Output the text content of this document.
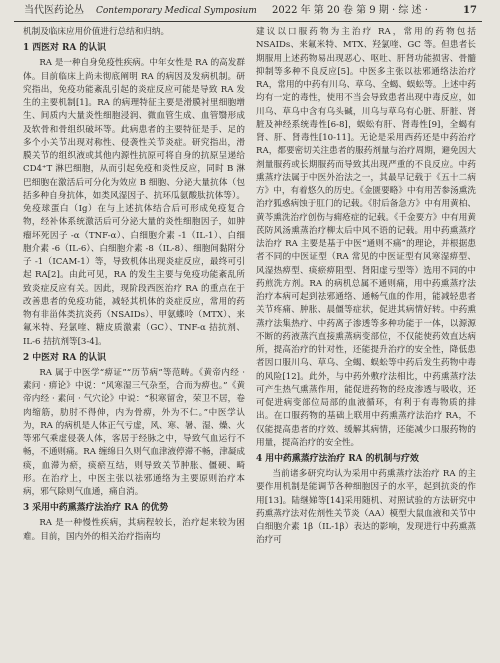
当代医药论丛 Contemporary Medical Symposium 2022 年 第 20 卷 第 9 期 · 综 述 ·	17

机制及临床应用价值进行总结和归纳。

1 西医对 RA 的认识

RA 是一种自身免疫性疾病。中年女性是 RA 的高发群体。目前临床上尚未彻底阐明 RA 的病因及发病机制。研究指出，免疫功能紊乱引起的炎症反应可能是导致 RA 发生的主要机制[1]。RA 的病理特征主要是滑膜衬里细胞增生、间质内大量炎性细胞浸润、微血管生成、血管翳形成及软骨和骨组织破坏等。此病患者的主要特征是手、足的多个小关节出现对称性、侵袭性关节炎症。研究指出，滑膜关节的组织液或其他内源性抗原可将自身的抗原呈递给 CD4⁺T 淋巴细胞，从而引起免疫和炎性反应，同时 B 淋巴细胞在激活后可分化为效应 B 细胞、分泌大量抗体（包括多种自身抗体，如类风湿因子、抗环瓜氨酸肽抗体等）。免疫球蛋白（Ig）在与上述抗体结合后可形成免疫复合物，经补体系统激活后可分泌大量的炎性细胞因子，如肿瘤坏死因子 -α（TNF-α）、白细胞介素 -1（IL-1）、白细胞介素 -6（IL-6）、白细胞介素 -8（IL-8）、细胞间黏附分子 -1（ICAM-1）等，导致机体出现炎症反应，最终可引起 RA[2]。由此可见，RA 的发生主要与免疫功能紊乱所致炎症反应有关。因此，现阶段西医治疗 RA 的重点在于改善患者的免疫功能，减轻其机体的炎症反应，常用的药物有非甾体类抗炎药（NSAIDs）、甲氨蝶呤（MTX）、来氟米特、羟氯喹、糖皮质激素（GC）、TNF-α 拮抗剂、IL-6 拮抗剂等[3-4]。

2 中医对 RA 的认识

RA 属于中医学“痹证”“历节病”等范畴。《黄帝内经 · 素问 · 痹论》中说：“风寒湿三气杂至，合而为痹也。”《黄帝内经 · 素问 · 气穴论》中说：“积寒留舍，荣卫不居，卷肉缩筋，肋肘不得伸，内为骨痹，外为不仁。”中医学认为，RA 的病机是人体正气亏虚，风、寒、暑、湿、燥、火等邪气乘虚侵袭人体，客居于经脉之中，导致气血运行不畅，不通则痛。RA 缠绵日久则气血津液停滞不畅，津凝成痰，血滞为瘀，痰瘀互结，则导致关节肿胀、僵硬、畸形。在治疗上，中医主张以祛邪通络为主要原则治疗本病，邪气除则气血通，痛自消。

3 采用中药熏蒸疗法治疗 RA 的优势

RA 是一种慢性疾病，其病程较长，治疗起来较为困难。目前，国内外的相关治疗指南均

建议以口服药物为主治疗 RA，常用的药物包括 NSAIDs、来氟米特、MTX、羟氯喹、GC 等。但患者长期服用上述药物易出现恶心、呕吐、肝肾功能损害、骨髓抑制等多种不良反应[5]。中医多主张以祛邪通络法治疗 RA，常用的中药有川乌、草乌、全蝎、蜈蚣等。上述中药均有一定的毒性，使用不当会导致患者出现中毒反应，如川乌、草乌中含有乌头碱，川乌与草乌有心脏、肝脏、肾脏及神经系统毒性[6-8]，蜈蚣有肝、肾毒性[9]，全蝎有肾、肝、肾毒性[10-11]。无论是采用西药还是中药治疗 RA，都要密切关注患者的服药剂量与治疗周期，避免因大剂量服药或长期服药而导致其出现严重的不良反应。中药熏蒸疗法属于中医外治法之一，其最早记载于《五十二病方》中，有着悠久的历史。《金匮要略》中有用苦参汤熏洗治疗狐惑病蚀于肛门的记载。《肘后备急方》中有用黄柏、黄芩熏洗治疗创伤与痈疮症的记载。《千金要方》中有用黄芪防风汤熏蒸治疗柳太后中风不语的记载。用中药熏蒸疗法治疗 RA 主要是基于中医“通则不痛”的理论，并根据患者不同的中医证型（RA 常见的中医证型有风寒湿痹型、风湿热痹型、痰瘀痹阻型、肾阳虚亏型等）选用不同的中药煎洗方剂。RA 的病机总属不通则痛，用中药熏蒸疗法治疗本病可起到祛邪通络、通畅气血的作用，能减轻患者关节疼痛、肿胀、晨僵等症状，促进其病情好转。中药熏蒸疗法集热疗、中药离子渗透等多种功能于一体，以源源不断的药液蒸汽直接熏蒸病变部位，不仅能使药效直达病所，提高治疗的针对性，还能提升治疗的安全性，降低患者因口服川乌、草乌、全蝎、蜈蚣等中药后发生药物中毒的风险[12]。此外，与中药外敷疗法相比，中药熏蒸疗法可产生热气熏蒸作用，能促进药物的经皮渗透与吸收，还可促进病变部位局部的血液循环，有利于有毒物质的排出。在口服药物的基础上联用中药熏蒸疗法治疗 RA，不仅能提高患者的疗效、缓解其病情，还能减少口服药物的用量，提高治疗的安全性。

4 用中药熏蒸疗法治疗 RA 的机制与疗效

当前诸多研究均认为采用中药熏蒸疗法治疗 RA 的主要作用机制是能调节各种细胞因子的水平，起到抗炎的作用[13]。陆继娣等[14]采用随机、对照试验的方法研究中药熏蒸疗法对佐剂性关节炎（AA）模型大鼠血液和关节中白细胞介素 1β（IL-1β）表达的影响，发现进行中药熏蒸治疗可
